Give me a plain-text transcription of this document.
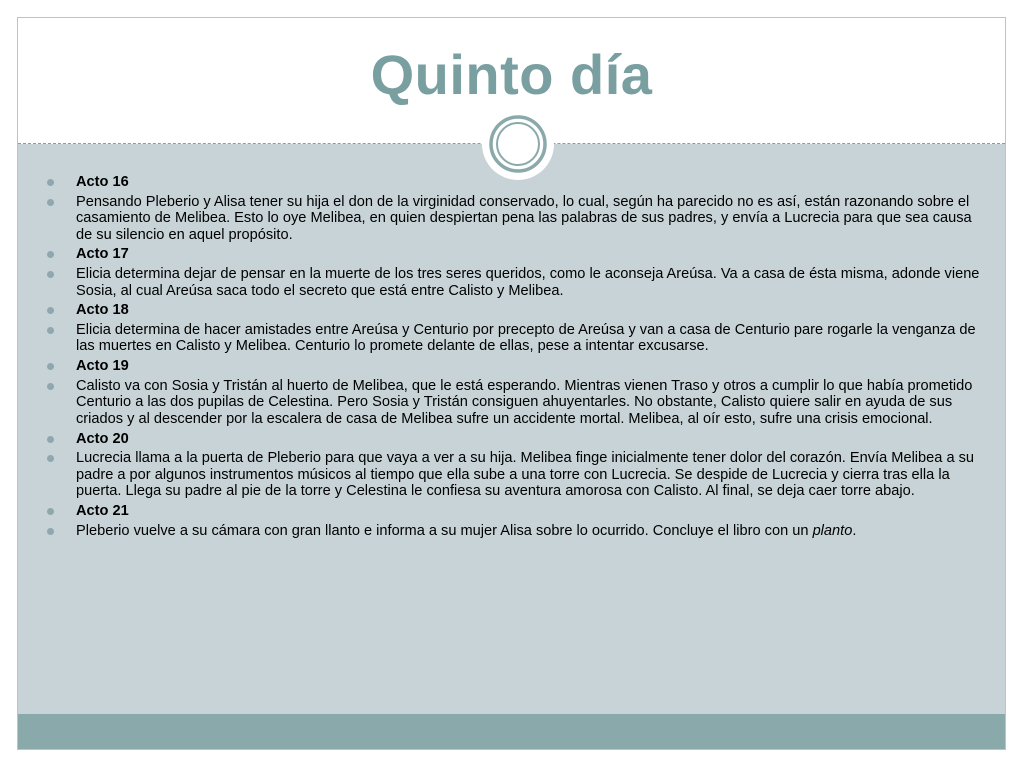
Quinto día
Acto 16
Pensando Pleberio y Alisa tener su hija el don de la virginidad conservado, lo cual, según ha parecido no es así, están razonando sobre el casamiento de Melibea. Esto lo oye Melibea, en quien despiertan pena las palabras de sus padres, y envía a Lucrecia para que sea causa de su silencio en aquel propósito.
Acto 17
Elicia determina dejar de pensar en la muerte de los tres seres queridos, como le aconseja Areúsa. Va a casa de ésta misma, adonde viene Sosia, al cual Areúsa saca todo el secreto que está entre Calisto y Melibea.
Acto 18
Elicia determina de hacer amistades entre Areúsa y Centurio por precepto de Areúsa y van a casa de Centurio pare rogarle la venganza de las muertes en Calisto y Melibea. Centurio lo promete delante de ellas, pese a intentar excusarse.
Acto 19
Calisto va con Sosia y Tristán al huerto de Melibea, que le está esperando. Mientras vienen Traso y otros a cumplir lo que había prometido Centurio a las dos pupilas de Celestina. Pero Sosia y Tristán consiguen ahuyentarles. No obstante, Calisto quiere salir en ayuda de sus criados y al descender por la escalera de casa de Melibea sufre un accidente mortal. Melibea, al oír esto, sufre una crisis emocional.
Acto 20
Lucrecia llama a la puerta de Pleberio para que vaya a ver a su hija. Melibea finge inicialmente tener dolor del corazón. Envía Melibea a su padre a por algunos instrumentos músicos al tiempo que ella sube a una torre con Lucrecia. Se despide de Lucrecia y cierra tras ella la puerta. Llega su padre al pie de la torre y Celestina le confiesa su aventura amorosa con Calisto. Al final, se deja caer torre abajo.
Acto 21
Pleberio vuelve a su cámara con gran llanto e informa a su mujer Alisa sobre lo ocurrido. Concluye el libro con un planto.
